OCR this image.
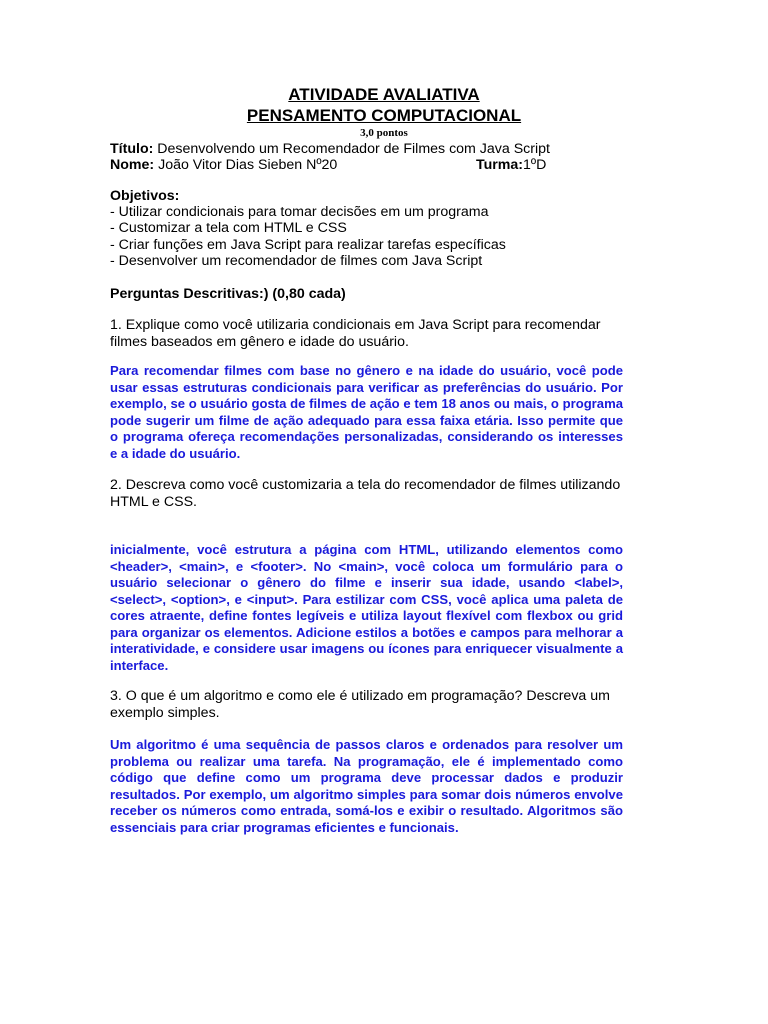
ATIVIDADE AVALIATIVA
PENSAMENTO COMPUTACIONAL
3,0 pontos
Título: Desenvolvendo um Recomendador de Filmes com Java Script
Nome: João Vitor Dias Sieben Nº20	Turma:1ºD
Objetivos:
- Utilizar condicionais para tomar decisões em um programa
- Customizar a tela com HTML e CSS
- Criar funções em Java Script para realizar tarefas específicas
- Desenvolver um recomendador de filmes com Java Script
Perguntas Descritivas:) (0,80 cada)
1. Explique como você utilizaria condicionais em Java Script para recomendar filmes baseados em gênero e idade do usuário.
Para recomendar filmes com base no gênero e na idade do usuário, você pode usar essas estruturas condicionais para verificar as preferências do usuário. Por exemplo, se o usuário gosta de filmes de ação e tem 18 anos ou mais, o programa pode sugerir um filme de ação adequado para essa faixa etária. Isso permite que o programa ofereça recomendações personalizadas, considerando os interesses e a idade do usuário.
2. Descreva como você customizaria a tela do recomendador de filmes utilizando HTML e CSS.
inicialmente, você estrutura a página com HTML, utilizando elementos como <header>, <main>, e <footer>. No <main>, você coloca um formulário para o usuário selecionar o gênero do filme e inserir sua idade, usando <label>, <select>, <option>, e <input>. Para estilizar com CSS, você aplica uma paleta de cores atraente, define fontes legíveis e utiliza layout flexível com flexbox ou grid para organizar os elementos. Adicione estilos a botões e campos para melhorar a interatividade, e considere usar imagens ou ícones para enriquecer visualmente a interface.
3. O que é um algoritmo e como ele é utilizado em programação? Descreva um exemplo simples.
Um algoritmo é uma sequência de passos claros e ordenados para resolver um problema ou realizar uma tarefa. Na programação, ele é implementado como código que define como um programa deve processar dados e produzir resultados. Por exemplo, um algoritmo simples para somar dois números envolve receber os números como entrada, somá-los e exibir o resultado. Algoritmos são essenciais para criar programas eficientes e funcionais.
